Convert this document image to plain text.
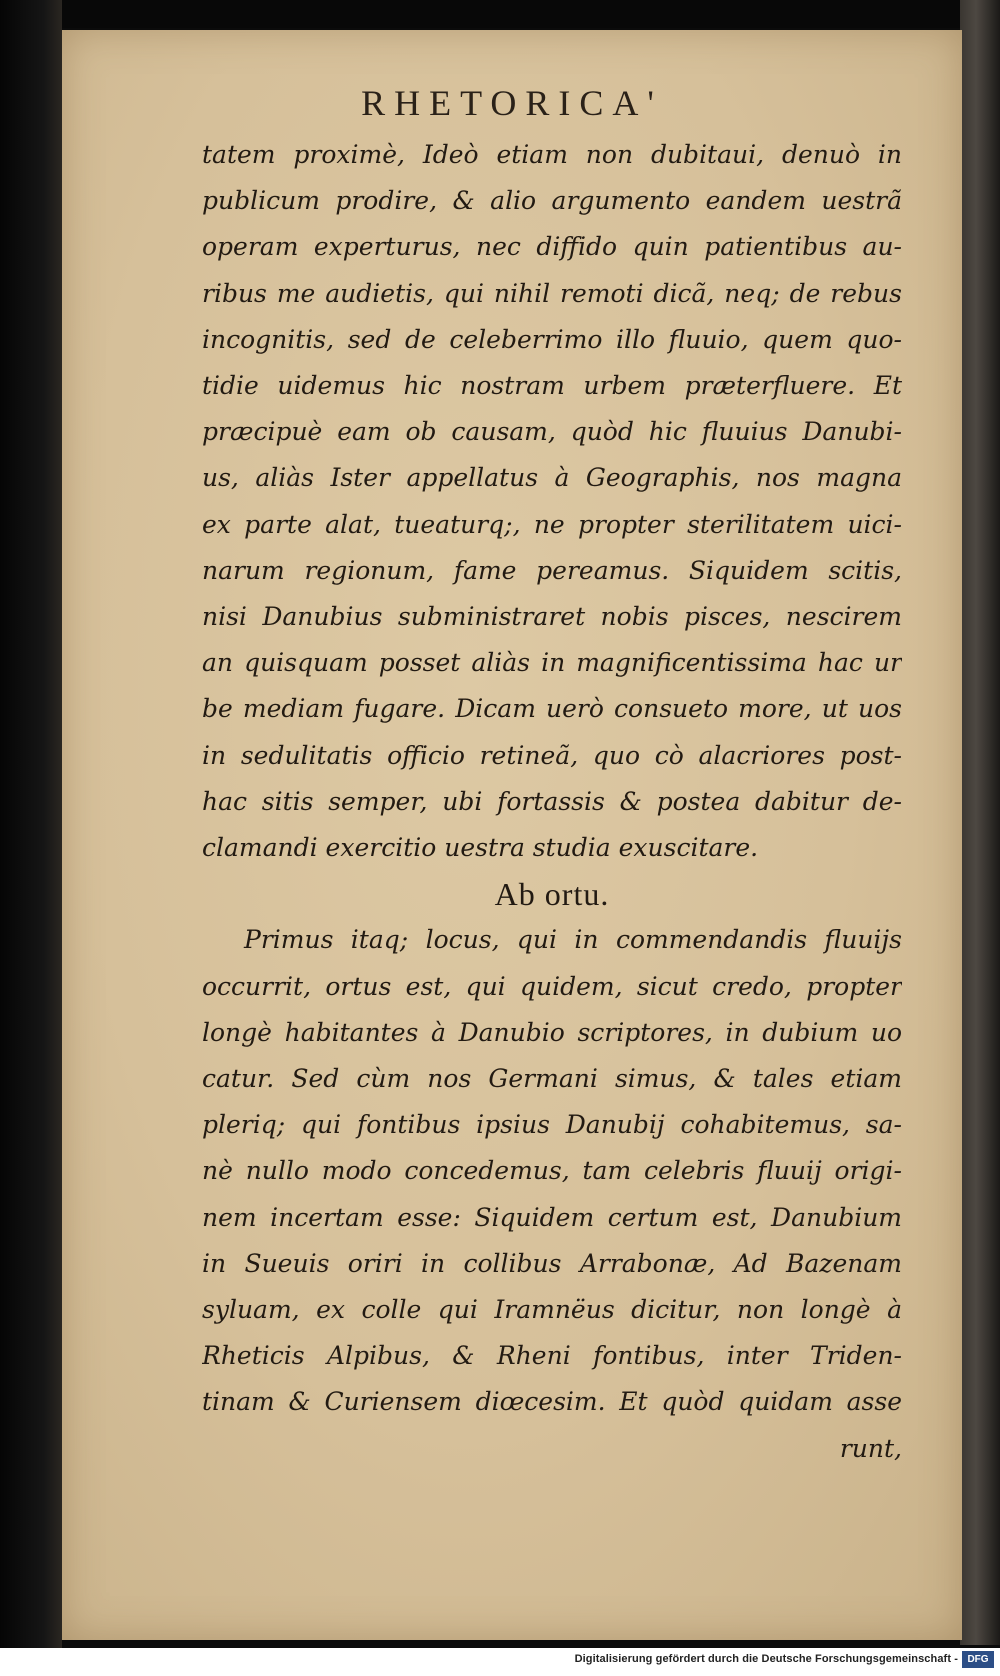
RHETORICA'
tatem proximè, Ideò etiam non dubitaui, denuò in
publicum prodire, & alio argumento eandem uestrã
operam experturus, nec diffido quin patientibus au-
ribus me audietis, qui nihil remoti dicã, neq; de rebus
incognitis, sed de celeberrimo illo fluuio, quem quo-
tidie uidemus hic nostram urbem præterfluere. Et
præcipuè eam ob causam, quòd hic fluuius Danubi-
us, aliàs Ister appellatus à Geographis, nos magna
ex parte alat, tueaturq;, ne propter sterilitatem uici-
narum regionum, fame pereamus. Siquidem scitis,
nisi Danubius subministraret nobis pisces, nescirem
an quisquam posset aliàs in magnificentissima hac ur
be mediam fugare. Dicam uerò consueto more, ut uos
in sedulitatis officio retineã, quo cò alacriores post-
hac sitis semper, ubi fortassis & postea dabitur de-
clamandi exercitio uestra studia exuscitare.
Ab ortu.
Primus itaq; locus, qui in commendandis fluuijs
occurrit, ortus est, qui quidem, sicut credo, propter
longè habitantes à Danubio scriptores, in dubium uo
catur. Sed cùm nos Germani simus, & tales etiam
pleriq; qui fontibus ipsius Danubij cohabitemus, sa-
nè nullo modo concedemus, tam celebris fluuij origi-
nem incertam esse: Siquidem certum est, Danubium
in Sueuis oriri in collibus Arrabonæ, Ad Bazenam
syluam, ex colle qui Iramnëus dicitur, non longè à
Rheticis Alpibus, & Rheni fontibus, inter Triden-
tinam & Curiensem diœcesim. Et quòd quidam asse
runt,
Digitalisierung gefördert durch die Deutsche Forschungsgemeinschaft - DFG
